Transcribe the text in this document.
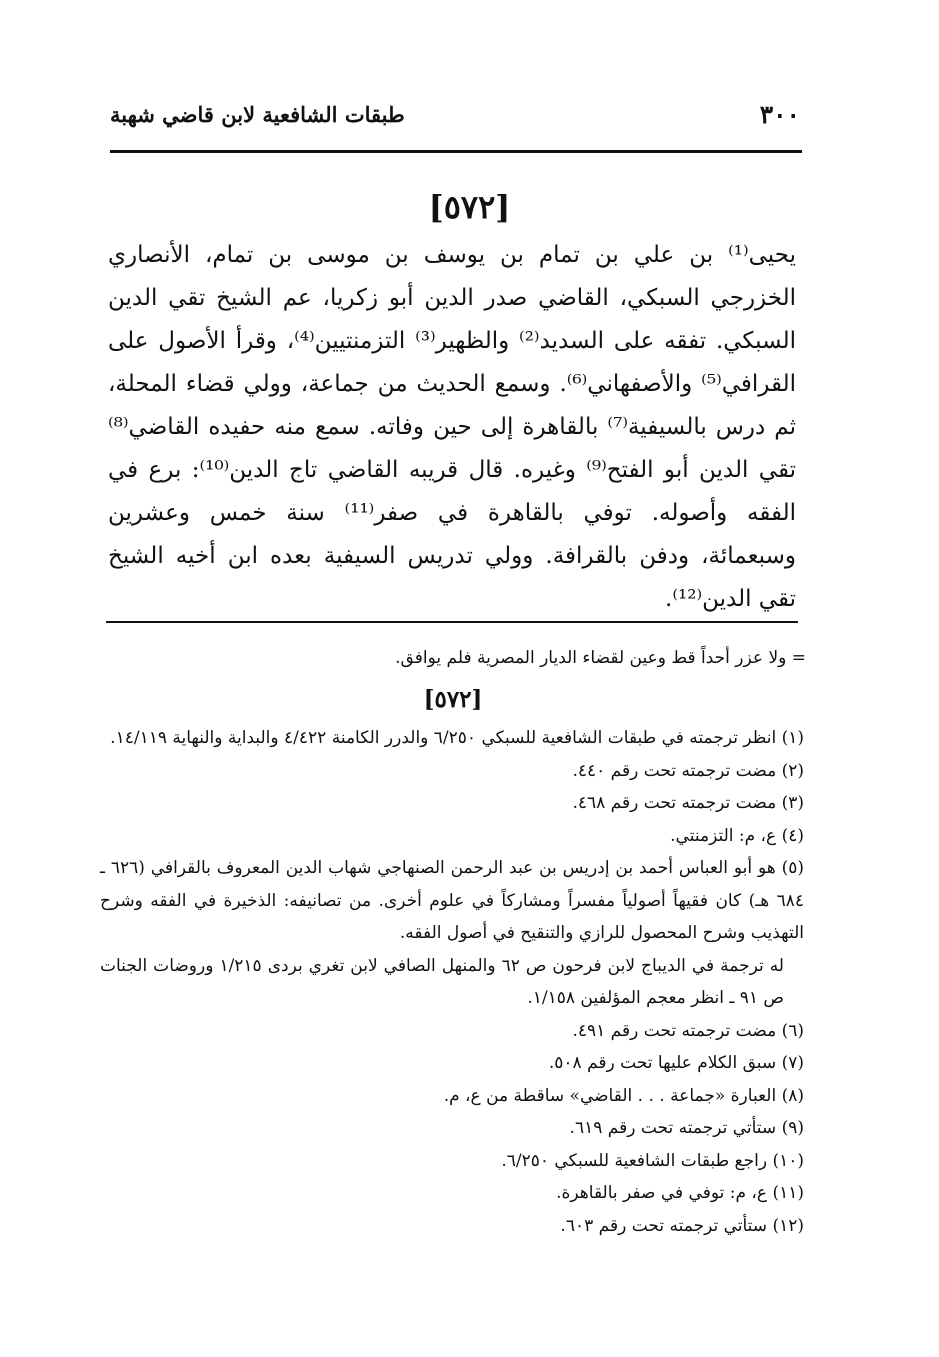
٣٠٠
طبقات الشافعية لابن قاضي شهبة
[٥٧٢]

يحيى⁽¹⁾ بن علي بن تمام بن يوسف بن موسى بن تمام، الأنصاري الخزرجي السبكي، القاضي صدر الدين أبو زكريا، عم الشيخ تقي الدين السبكي. تفقه على السديد⁽²⁾ والظهير⁽³⁾ التزمنتيين⁽⁴⁾، وقرأ الأصول على القرافي⁽⁵⁾ والأصفهاني⁽⁶⁾. وسمع الحديث من جماعة، وولي قضاء المحلة، ثم درس بالسيفية⁽⁷⁾ بالقاهرة إلى حين وفاته. سمع منه حفيده القاضي⁽⁸⁾ تقي الدين أبو الفتح⁽⁹⁾ وغيره. قال قريبه القاضي تاج الدين⁽¹⁰⁾: برع في الفقه وأصوله. توفي بالقاهرة في صفر⁽¹¹⁾ سنة خمس وعشرين وسبعمائة، ودفن بالقرافة. وولي تدريس السيفية بعده ابن أخيه الشيخ تقي الدين⁽¹²⁾.

= ولا عزر أحداً قط وعين لقضاء الديار المصرية فلم يوافق.

[٥٧٢]

(١) انظر ترجمته في طبقات الشافعية للسبكي ٦/٢٥٠ والدرر الكامنة ٤/٤٢٢ والبداية والنهاية ١٤/١١٩.

(٢) مضت ترجمته تحت رقم ٤٤٠.

(٣) مضت ترجمته تحت رقم ٤٦٨.

(٤) ع، م: التزمنتي.

(٥) هو أبو العباس أحمد بن إدريس بن عبد الرحمن الصنهاجي شهاب الدين المعروف بالقرافي (٦٢٦ ـ ٦٨٤ هـ) كان فقيهاً أصولياً مفسراً ومشاركاً في علوم أخرى. من تصانيفه: الذخيرة في الفقه وشرح التهذيب وشرح المحصول للرازي والتنقيح في أصول الفقه.

له ترجمة في الديباج لابن فرحون ص ٦٢ والمنهل الصافي لابن تغري بردى ١/٢١٥ وروضات الجنات ص ٩١ ـ انظر معجم المؤلفين ١/١٥٨.

(٦) مضت ترجمته تحت رقم ٤٩١.

(٧) سبق الكلام عليها تحت رقم ٥٠٨.

(٨) العبارة «جماعة . . . القاضي» ساقطة من ع، م.

(٩) ستأتي ترجمته تحت رقم ٦١٩.

(١٠) راجع طبقات الشافعية للسبكي ٦/٢٥٠.

(١١) ع، م: توفي في صفر بالقاهرة.

(١٢) ستأتي ترجمته تحت رقم ٦٠٣.
